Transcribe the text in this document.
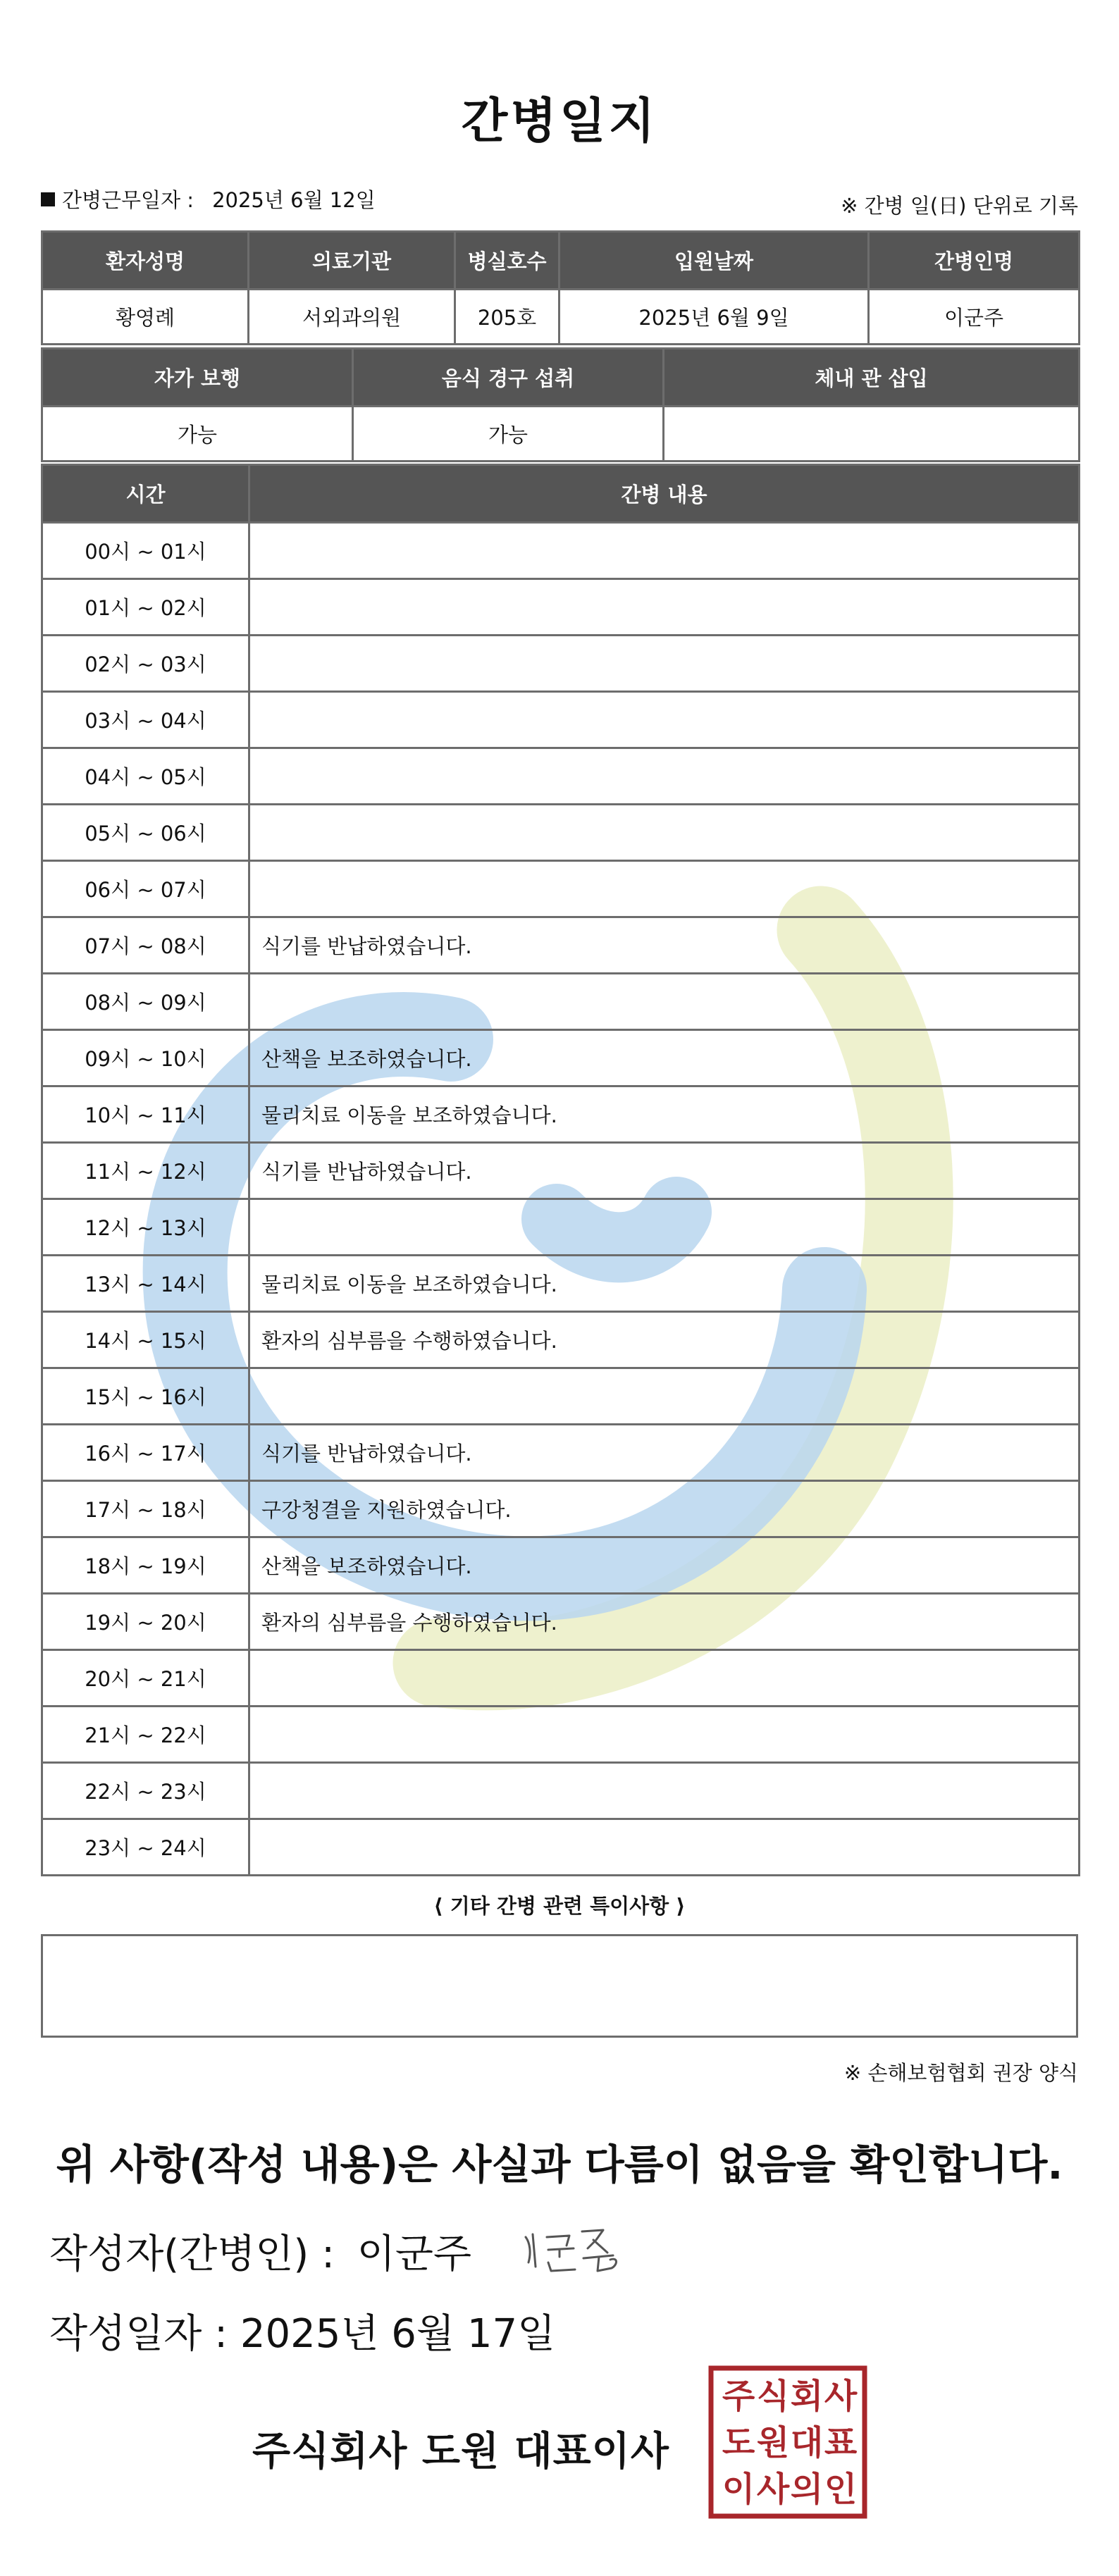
간병일지
간병근무일자 : 2025년 6월 12일	※ 간병 일(日) 단위로 기록
환자성명	의료기관	병실호수	입원날짜	간병인명
황영례	서외과의원	205호	2025년 6월 9일	이군주
자가 보행	음식 경구 섭취	체내 관 삽입
가능	가능	
시간	간병 내용
00시 ~ 01시	
01시 ~ 02시	
02시 ~ 03시	
03시 ~ 04시	
04시 ~ 05시	
05시 ~ 06시	
06시 ~ 07시	
07시 ~ 08시	식기를 반납하였습니다.
08시 ~ 09시	
09시 ~ 10시	산책을 보조하였습니다.
10시 ~ 11시	물리치료 이동을 보조하였습니다.
11시 ~ 12시	식기를 반납하였습니다.
12시 ~ 13시	
13시 ~ 14시	물리치료 이동을 보조하였습니다.
14시 ~ 15시	환자의 심부름을 수행하였습니다.
15시 ~ 16시	
16시 ~ 17시	식기를 반납하였습니다.
17시 ~ 18시	구강청결을 지원하였습니다.
18시 ~ 19시	산책을 보조하였습니다.
19시 ~ 20시	환자의 심부름을 수행하였습니다.
20시 ~ 21시	
21시 ~ 22시	
22시 ~ 23시	
23시 ~ 24시	
⟨ 기타 간병 관련 특이사항 ⟩
※ 손해보험협회 권장 양식
위 사항(작성 내용)은 사실과 다름이 없음을 확인합니다.
작성자(간병인) : 이군주
작성일자 : 2025년 6월 17일
주식회사 도원 대표이사
주 식 회 사
도 원 대 표
이 사 의 인
